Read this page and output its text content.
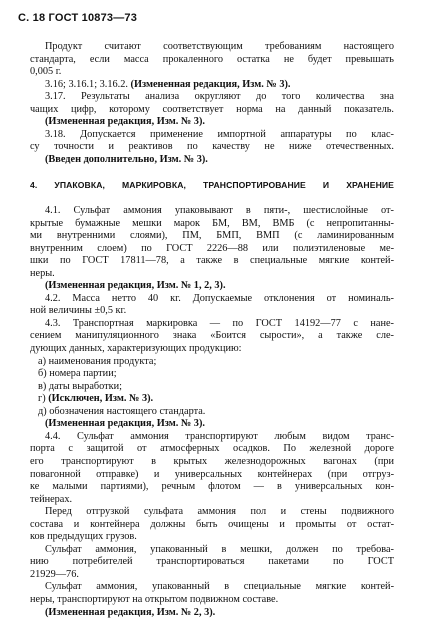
С. 18 ГОСТ 10873—73

Продукт считают соответствующим требованиям настоящего

стандарта, если масса прокаленного остатка не будет превышать

0,005 г.

3.16; 3.16.1; 3.16.2. (Измененная редакция, Изм. № 3).

3.17. Результаты анализа округляют до того количества зна

чащих цифр, которому соответствует норма на данный показатель.

(Измененная редакция, Изм. № 3).

3.18. Допускается применение импортной аппаратуры по клас-

су точности и реактивов по качеству не ниже отечественных.

(Введен дополнительно, Изм. № 3).

4. УПАКОВКА, МАРКИРОВКА, ТРАНСПОРТИРОВАНИЕ И ХРАНЕНИЕ

4.1. Сульфат аммония упаковывают в пяти-, шестислойные от-

крытые бумажные мешки марок БМ, ВМ, ВМБ (с непропитанны-

ми внутренними слоями), ПМ, БМП, ВМП (с ламинированным

внутренним слоем) по ГОСТ 2226—88 или полиэтиленовые ме-

шки по ГОСТ 17811—78, а также в специальные мягкие контей-

неры.

(Измененная редакция, Изм. № 1, 2, 3).

4.2. Масса нетто 40 кг. Допускаемые отклонения от номиналь-

ной величины ±0,5 кг.

4.3. Транспортная маркировка — по ГОСТ 14192—77 с нане-

сением манипуляционного знака «Боится сырости», а также сле-

дующих данных, характеризующих продукцию:

а) наименования продукта;

б) номера партии;

в) даты выработки;

г) (Исключен, Изм. № 3).

д) обозначения настоящего стандарта.

(Измененная редакция, Изм. № 3).

4.4. Сульфат аммония транспортируют любым видом транс-

порта с защитой от атмосферных осадков. По железной дороге

его транспортируют в крытых железнодорожных вагонах (при

повагонной отправке) и универсальных контейнерах (при отгруз-

ке малыми партиями), речным флотом — в универсальных кон-

тейнерах.

Перед отгрузкой сульфата аммония пол и стены подвижного

состава и контейнера должны быть очищены и промыты от остат-

ков предыдущих грузов.

Сульфат аммония, упакованный в мешки, должен по требова-

нию потребителей транспортироваться пакетами по ГОСТ

21929—76.

Сульфат аммония, упакованный в специальные мягкие контей-

неры, транспортируют на открытом подвижном составе.

(Измененная редакция, Изм. № 2, 3).
